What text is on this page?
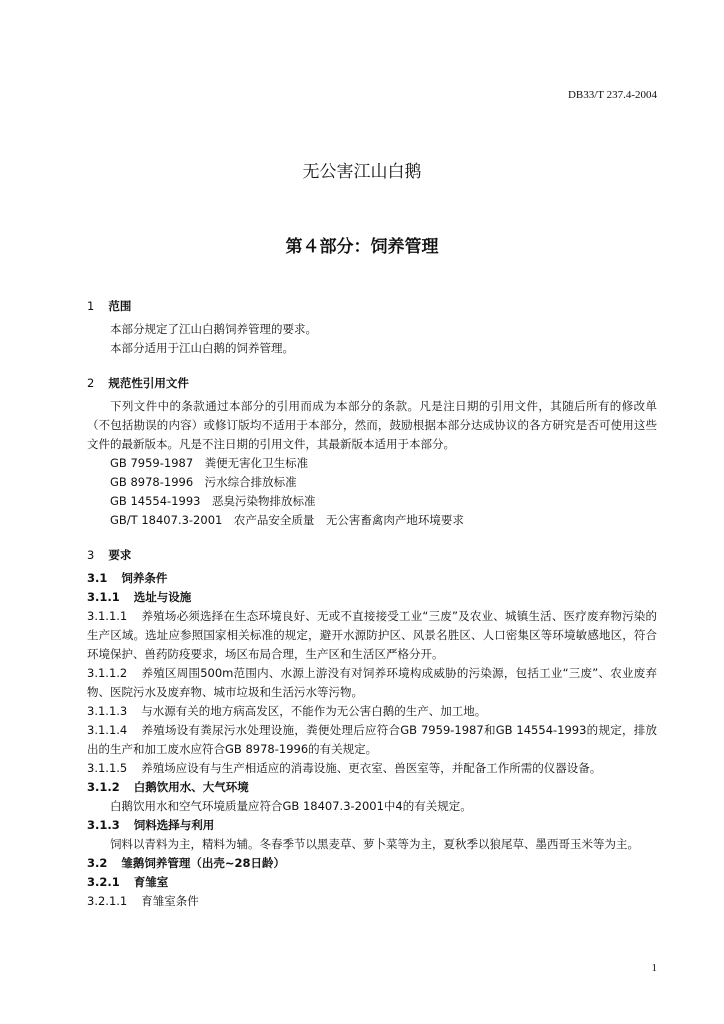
DB33/T 237.4-2004
无公害江山白鹅
第４部分：饲养管理
1 范围
本部分规定了江山白鹅饲养管理的要求。
本部分适用于江山白鹅的饲养管理。
2 规范性引用文件
下列文件中的条款通过本部分的引用而成为本部分的条款。凡是注日期的引用文件，其随后所有的修改单（不包括勘误的内容）或修订版均不适用于本部分，然而，鼓励根据本部分达成协议的各方研究是否可使用这些文件的最新版本。凡是不注日期的引用文件，其最新版本适用于本部分。
GB 7959-1987　粪便无害化卫生标准
GB 8978-1996　污水综合排放标准
GB 14554-1993　恶臭污染物排放标准
GB/T 18407.3-2001　农产品安全质量　无公害畜禽肉产地环境要求
3 要求
3.1 饲养条件
3.1.1 选址与设施
3.1.1.1 养殖场必须选择在生态环境良好、无或不直接接受工业“三废”及农业、城镇生活、医疗废弃物污染的生产区域。选址应参照国家相关标准的规定，避开水源防护区、风景名胜区、人口密集区等环境敏感地区，符合环境保护、兽药防疫要求，场区布局合理，生产区和生活区严格分开。
3.1.1.2 养殖区周围500m范围内、水源上游没有对饲养环境构成威胁的污染源，包括工业“三废”、农业废弃物、医院污水及废弃物、城市垃圾和生活污水等污物。
3.1.1.3 与水源有关的地方病高发区，不能作为无公害白鹅的生产、加工地。
3.1.1.4 养殖场设有粪尿污水处理设施，粪便处理后应符合GB 7959-1987和GB 14554-1993的规定，排放出的生产和加工废水应符合GB 8978-1996的有关规定。
3.1.1.5 养殖场应设有与生产相适应的消毒设施、更衣室、兽医室等，并配备工作所需的仪器设备。
3.1.2 白鹅饮用水、大气环境
白鹅饮用水和空气环境质量应符合GB 18407.3-2001中4的有关规定。
3.1.3 饲料选择与利用
饲料以青料为主，精料为辅。冬春季节以黑麦草、萝卜菜等为主，夏秋季以狼尾草、墨西哥玉米等为主。
3.2 雏鹅饲养管理（出壳~28日龄）
3.2.1 育雏室
3.2.1.1 育雏室条件
1
